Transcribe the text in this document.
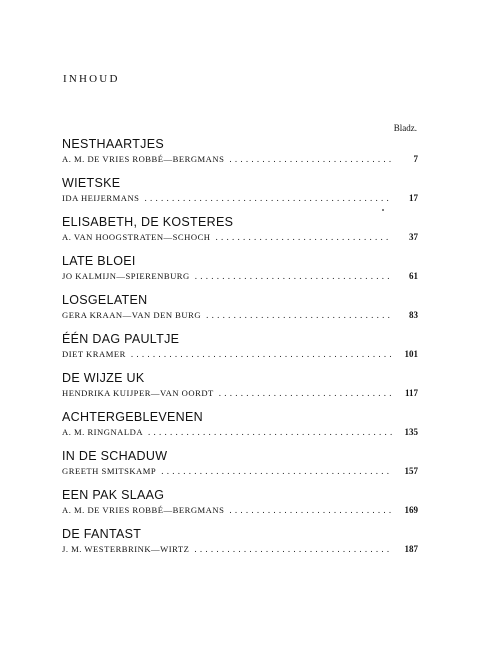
INHOUD
Bladz.
NESTHAARTJES
A. M. DE VRIES ROBBÉ—BERGMANS . . .	7
WIETSKE
IDA HEIJERMANS . . .	17
ELISABETH, DE KOSTERES
A. VAN HOOGSTRATEN—SCHOCH . . .	37
LATE BLOEI
JO KALMIJN—SPIERENBURG . . .	61
LOSGELATEN
GERA KRAAN—VAN DEN BURG . . .	83
ÉÉN DAG PAULTJE
DIET KRAMER . . .	101
DE WIJZE UK
HENDRIKA KUIJPER—VAN OORDT . . .	117
ACHTERGEBLEVENEN
A. M. RINGNALDA . . .	135
IN DE SCHADUW
GREETH SMITSKAMP . . .	157
EEN PAK SLAAG
A. M. DE VRIES ROBBÉ—BERGMANS . . .	169
DE FANTAST
J. M. WESTERBRINK—WIRTZ . . .	187
